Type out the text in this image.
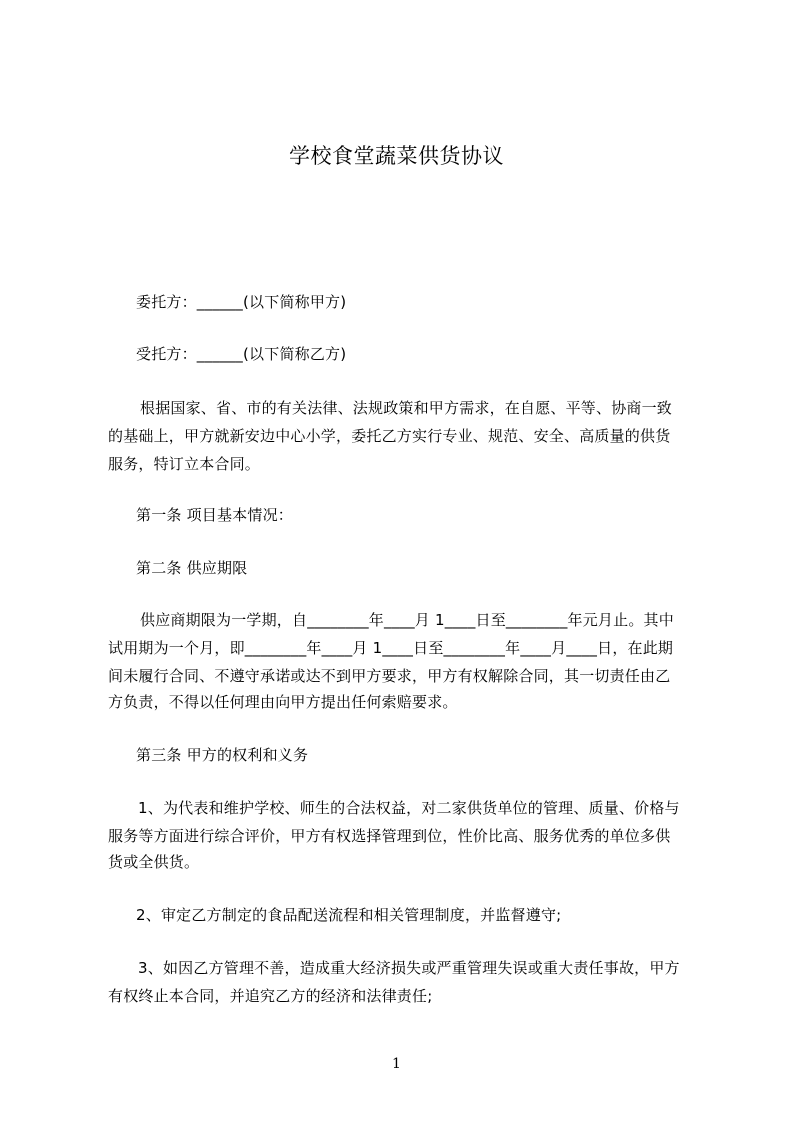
学校食堂蔬菜供货协议
委托方：______(以下简称甲方)
受托方：______(以下简称乙方)
根据国家、省、市的有关法律、法规政策和甲方需求，在自愿、平等、协商一致
的基础上，甲方就新安边中心小学，委托乙方实行专业、规范、安全、高质量的供货
服务，特订立本合同。
第一条 项目基本情况：
第二条 供应期限
供应商期限为一学期，自________年____月 1____日至________年元月止。其中
试用期为一个月，即________年____月 1____日至________年____月____日，在此期
间未履行合同、不遵守承诺或达不到甲方要求，甲方有权解除合同，其一切责任由乙
方负责，不得以任何理由向甲方提出任何索赔要求。
第三条 甲方的权利和义务
1、为代表和维护学校、师生的合法权益，对二家供货单位的管理、质量、价格与
服务等方面进行综合评价，甲方有权选择管理到位，性价比高、服务优秀的单位多供
货或全供货。
2、审定乙方制定的食品配送流程和相关管理制度，并监督遵守;
3、如因乙方管理不善，造成重大经济损失或严重管理失误或重大责任事故，甲方
有权终止本合同，并追究乙方的经济和法律责任;
1
